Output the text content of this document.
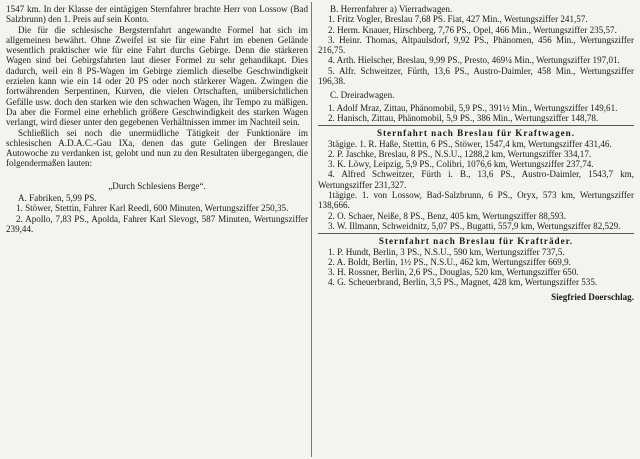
1547 km. In der Klasse der eintägigen Sternfahrer brachte Herr von Lossow (Bad Salzbrunn) den 1. Preis auf sein Konto.

Die für die schlesische Bergsternfahrt angewandte Formel hat sich im allgemeinen bewährt. Ohne Zweifel ist sie für eine Fahrt im ebenen Gelände wesentlich praktischer wie für eine Fahrt durchs Gebirge. Denn die stärkeren Wagen sind bei Gebirgsfahrten laut dieser Formel zu sehr gehandikapt. Dies dadurch, weil ein 8 PS-Wagen im Gebirge ziemlich dieselbe Geschwindigkeit erzielen kann wie ein 14 oder 20 PS oder noch stärkerer Wagen. Zwingen die fortwährenden Serpentinen, Kurven, die vielen Ortschaften, unübersichtlichen Gefälle usw. doch den starken wie den schwachen Wagen, ihr Tempo zu mäßigen. Da aber die Formel eine erheblich größere Geschwindigkeit des starken Wagen verlangt, wird dieser unter den gegebenen Verhältnissen immer im Nachteil sein.

Schließlich sei noch die unermüdliche Tätigkeit der Funktionäre im schlesischen A.D.A.C.-Gau IXa, denen das gute Gelingen der Breslauer Autowoche zu verdanken ist, gelobt und nun zu den Resultaten übergegangen, die folgendermaßen lauten:

„Durch Schlesiens Berge“.

A. Fabriken, 5,99 PS.

1. Stöwer, Stettin, Fahrer Karl Reedl, 600 Minuten, Wertungsziffer 250,35.

2. Apollo, 7,83 PS., Apolda, Fahrer Karl Slevogt, 587 Minuten, Wertungsziffer 239,44.

B. Herrenfahrer a) Vierradwagen.

1. Fritz Vogler, Breslau 7,68 PS. Fiat, 427 Min., Wertungsziffer 241,57.

2. Herm. Knauer, Hirschberg, 7,76 PS., Opel, 466 Min., Wertungsziffer 235,57.

3. Heinr. Thomas, Altpaulsdorf, 9,92 PS., Phänomen, 456 Min., Wertungsziffer 216,75.

4. Arth. Hielscher, Breslau, 9,99 PS., Presto, 469¼ Min., Wertungsziffer 197,01.

5. Alfr. Schweitzer, Fürth, 13,6 PS., Austro-Daimler, 458 Min., Wertungsziffer 196,38.

C. Dreiradwagen.

1. Adolf Mraz, Zittau, Phänomobil, 5,9 PS., 391½ Min., Wertungsziffer 149,61.

2. Hanisch, Zittau, Phänomobil, 5,9 PS., 386 Min., Wertungsziffer 148,78.

Sternfahrt nach Breslau für Kraftwagen.

3tägige. 1. R. Haße, Stettin, 6 PS., Stöwer, 1547,4 km, Wertungsziffer 431,46.

2. P. Jaschke, Breslau, 8 PS., N.S.U., 1288,2 km, Wertungsziffer 334,17.

3. K. Löwy, Leipzig, 5,9 PS., Colibri, 1076,6 km, Wertungsziffer 237,74.

4. Alfred Schweitzer, Fürth i. B., 13,6 PS., Austro-Daimler, 1543,7 km, Wertungsziffer 231,327.

1tägige. 1. von Lossow, Bad-Salzbrunn, 6 PS., Oryx, 573 km, Wertungsziffer 138,666.

2. O. Schaer, Neiße, 8 PS., Benz, 405 km, Wertungsziffer 88,593.

3. W. Illmann, Schweidnitz, 5,07 PS., Bugatti, 557,9 km, Wertungsziffer 82,529.

Sternfahrt nach Breslau für Krafträder.

1. P. Hundt, Berlin, 3 PS., N.S.U., 590 km, Wertungsziffer 737,5.

2. A. Boldt, Berlin, 1½ PS., N.S.U., 462 km, Wertungsziffer 669,9.

3. H. Rossner, Berlin, 2,6 PS., Douglas, 520 km, Wertungsziffer 650.

4. G. Scheuerbrand, Berlin, 3,5 PS., Magnet, 428 km, Wertungsziffer 535.

Siegfried Doerschlag.
